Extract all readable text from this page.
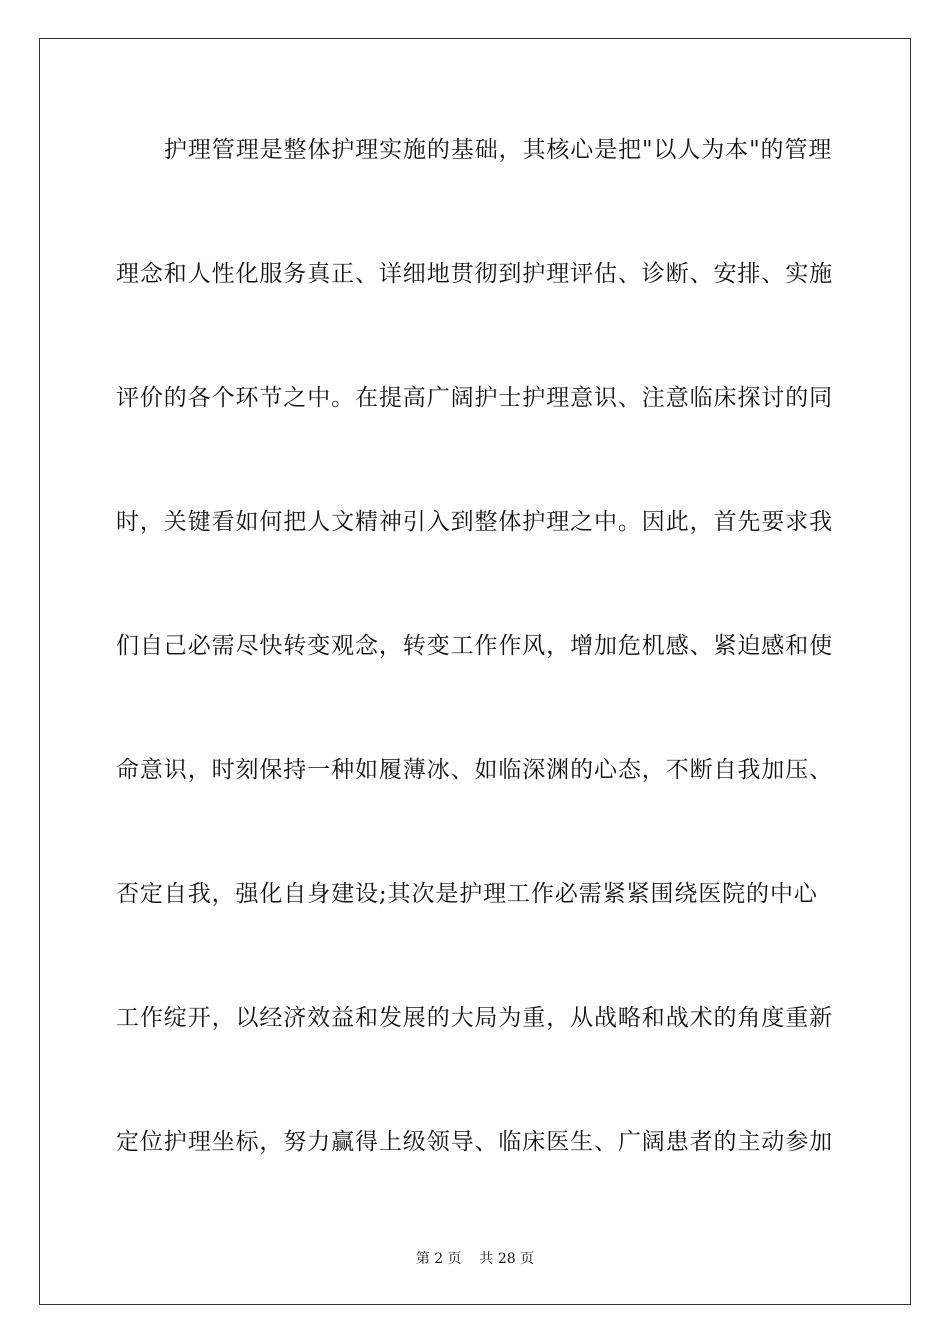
护理管理是整体护理实施的基础，其核心是把"以人为本"的管理
理念和人性化服务真正、详细地贯彻到护理评估、诊断、安排、实施
评价的各个环节之中。在提高广阔护士护理意识、注意临床探讨的同
时，关键看如何把人文精神引入到整体护理之中。因此，首先要求我
们自己必需尽快转变观念，转变工作作风，增加危机感、紧迫感和使
命意识，时刻保持一种如履薄冰、如临深渊的心态，不断自我加压、
否定自我，强化自身建设;其次是护理工作必需紧紧围绕医院的中心
工作绽开，以经济效益和发展的大局为重，从战略和战术的角度重新
定位护理坐标，努力赢得上级领导、临床医生、广阔患者的主动参加
第 2 页    共 28 页
